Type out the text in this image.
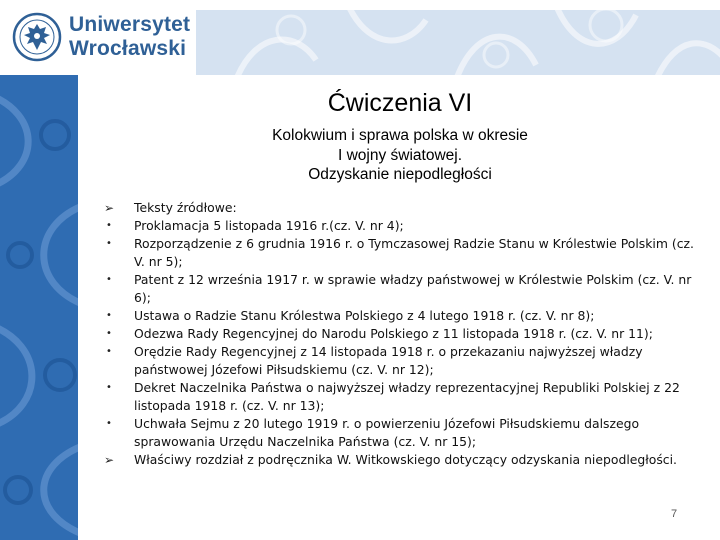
Uniwersytet
Wrocławski
Ćwiczenia VI
Kolokwium i sprawa polska w okresie
I wojny światowej.
Odzyskanie niepodległości
➢	Teksty źródłowe:
•	Proklamacja 5 listopada 1916 r.(cz. V. nr 4);
•	Rozporządzenie z 6 grudnia 1916 r. o Tymczasowej Radzie Stanu w Królestwie Polskim (cz. V. nr 5);
•	Patent z 12 września 1917 r. w sprawie władzy państwowej w Królestwie Polskim (cz. V. nr 6);
•	Ustawa o Radzie Stanu Królestwa Polskiego z 4 lutego 1918 r. (cz. V. nr 8);
•	Odezwa Rady Regencyjnej do Narodu Polskiego z 11 listopada 1918 r. (cz. V. nr 11);
•	Orędzie Rady Regencyjnej z 14 listopada 1918 r. o przekazaniu najwyższej władzy państwowej Józefowi Piłsudskiemu (cz. V. nr 12);
•	Dekret Naczelnika Państwa o najwyższej władzy reprezentacyjnej Republiki Polskiej z 22 listopada 1918 r. (cz. V. nr 13);
•	Uchwała Sejmu z 20 lutego 1919 r. o powierzeniu Józefowi Piłsudskiemu dalszego sprawowania Urzędu Naczelnika Państwa (cz. V. nr 15);
➢	Właściwy rozdział z podręcznika W. Witkowskiego dotyczący odzyskania niepodległości.
7
